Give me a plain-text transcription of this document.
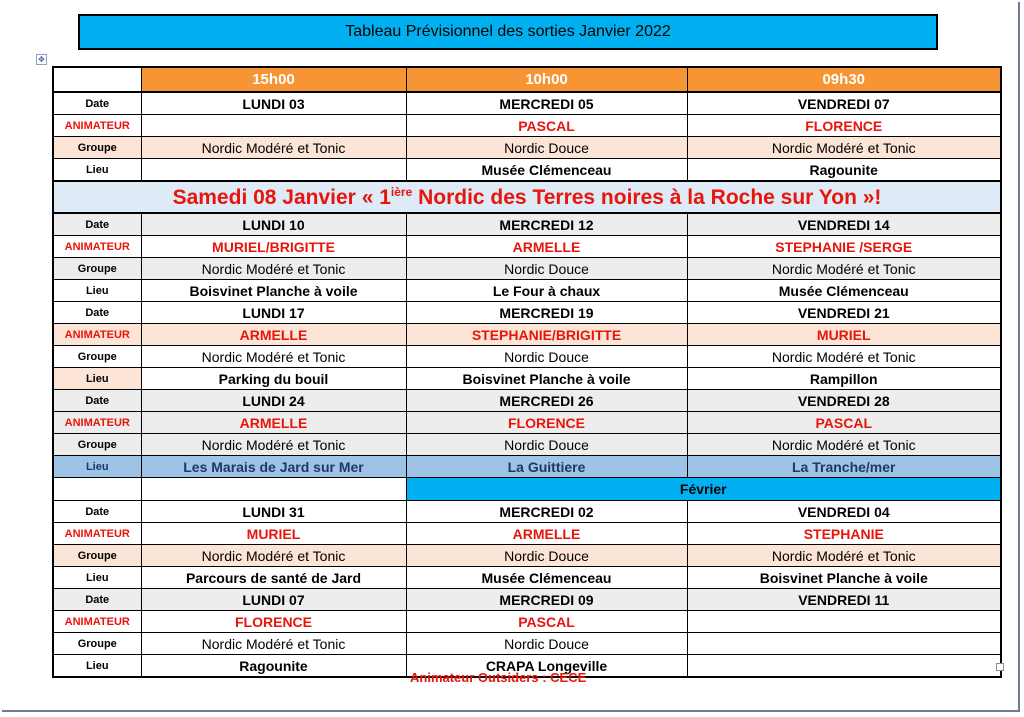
Tableau Prévisionnel des sorties Janvier 2022
✥
	15h00	10h00	09h30
Date	LUNDI 03	MERCREDI 05	VENDREDI 07
ANIMATEUR		PASCAL	FLORENCE
Groupe	Nordic Modéré et Tonic	Nordic Douce	Nordic Modéré et Tonic
Lieu		Musée Clémenceau	Ragounite
Samedi 08 Janvier « $1^{ière}$ Nordic des Terres noires à la Roche sur Yon »!			
Date	LUNDI 10	MERCREDI 12	VENDREDI 14
ANIMATEUR	MURIEL/BRIGITTE	ARMELLE	STEPHANIE /SERGE
Groupe	Nordic Modéré et Tonic	Nordic Douce	Nordic Modéré et Tonic
Lieu	Boisvinet Planche à voile	Le Four à chaux	Musée Clémenceau
Date	LUNDI 17	MERCREDI 19	VENDREDI 21
ANIMATEUR	ARMELLE	STEPHANIE/BRIGITTE	MURIEL
Groupe	Nordic Modéré et Tonic	Nordic Douce	Nordic Modéré et Tonic
Lieu	Parking du bouil	Boisvinet Planche à voile	Rampillon
Date	LUNDI 24	MERCREDI 26	VENDREDI 28
ANIMATEUR	ARMELLE	FLORENCE	PASCAL
Groupe	Nordic Modéré et Tonic	Nordic Douce	Nordic Modéré et Tonic
Lieu	Les Marais de Jard sur Mer	La Guittiere	La Tranche/mer
		Février	
Date	LUNDI 31	MERCREDI 02	VENDREDI 04
ANIMATEUR	MURIEL	ARMELLE	STEPHANIE
Groupe	Nordic Modéré et Tonic	Nordic Douce	Nordic Modéré et Tonic
Lieu	Parcours de santé de Jard	Musée Clémenceau	Boisvinet Planche à voile
Date	LUNDI 07	MERCREDI 09	VENDREDI 11
ANIMATEUR	FLORENCE	PASCAL	
Groupe	Nordic Modéré et Tonic	Nordic Douce	
Lieu	Ragounite	CRAPA Longeville	
Animateur Outsiders : CECE
